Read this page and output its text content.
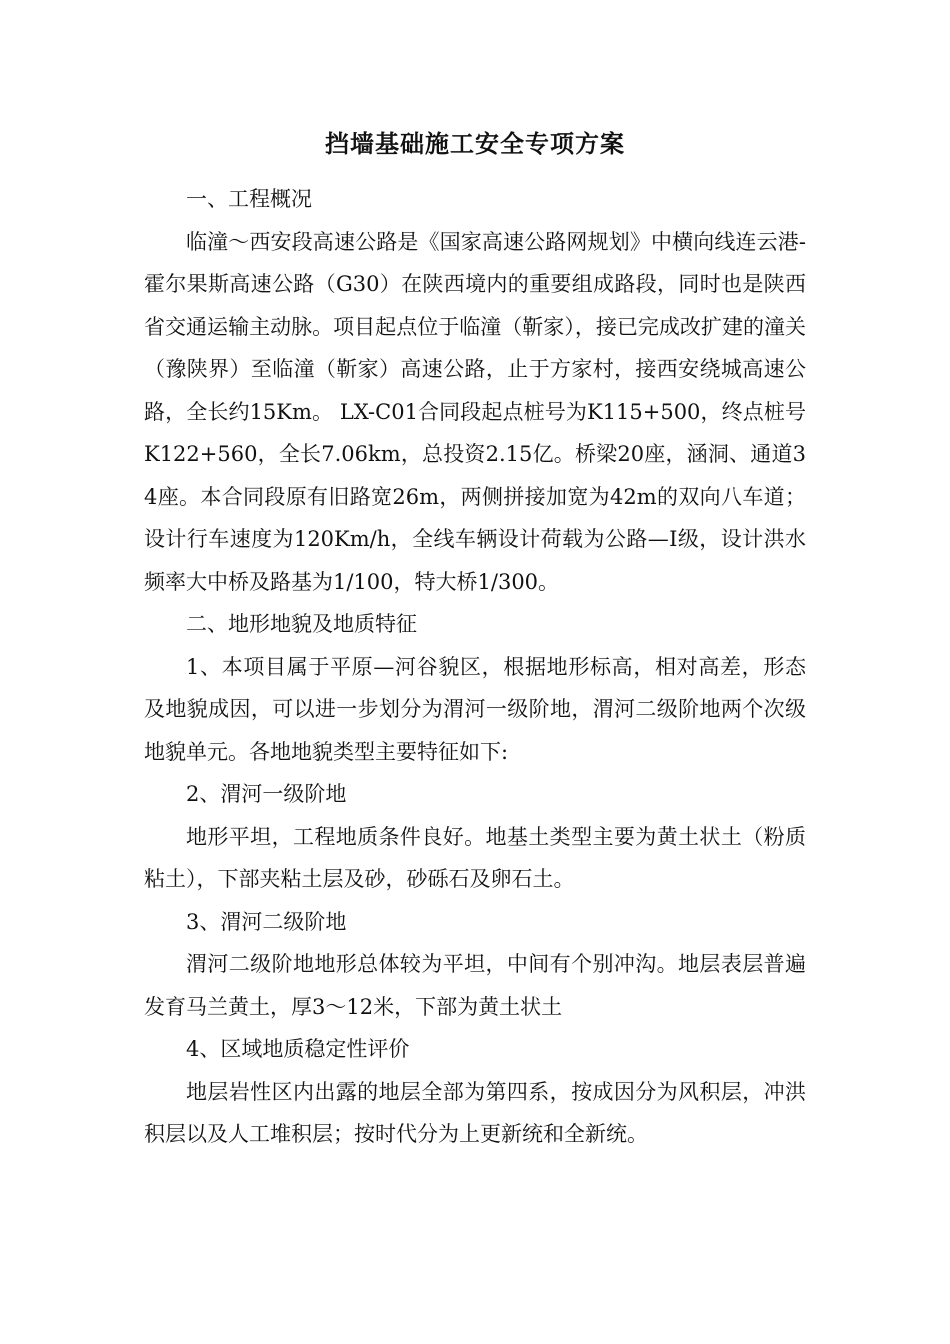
挡墙基础施工安全专项方案

一、工程概况

临潼～西安段高速公路是《国家高速公路网规划》中横向线连云港-霍尔果斯高速公路（G30）在陕西境内的重要组成路段，同时也是陕西省交通运输主动脉。项目起点位于临潼（靳家），接已完成改扩建的潼关（豫陕界）至临潼（靳家）高速公路，止于方家村，接西安绕城高速公路，全长约15Km。 LX-C01合同段起点桩号为K115+500，终点桩号K122+560，全长7.06km，总投资2.15亿。桥梁20座，涵洞、通道34座。本合同段原有旧路宽26m，两侧拼接加宽为42m的双向八车道；设计行车速度为120Km/h，全线车辆设计荷载为公路—Ⅰ级，设计洪水频率大中桥及路基为1/100，特大桥1/300。

二、地形地貌及地质特征

1、本项目属于平原—河谷貌区，根据地形标高，相对高差，形态及地貌成因，可以进一步划分为渭河一级阶地，渭河二级阶地两个次级地貌单元。各地地貌类型主要特征如下:

2、渭河一级阶地

地形平坦，工程地质条件良好。地基土类型主要为黄土状土（粉质粘土），下部夹粘土层及砂，砂砾石及卵石土。

3、渭河二级阶地

渭河二级阶地地形总体较为平坦，中间有个别冲沟。地层表层普遍发育马兰黄土，厚3～12米，下部为黄土状土

4、区域地质稳定性评价

地层岩性区内出露的地层全部为第四系，按成因分为风积层，冲洪积层以及人工堆积层；按时代分为上更新统和全新统。
